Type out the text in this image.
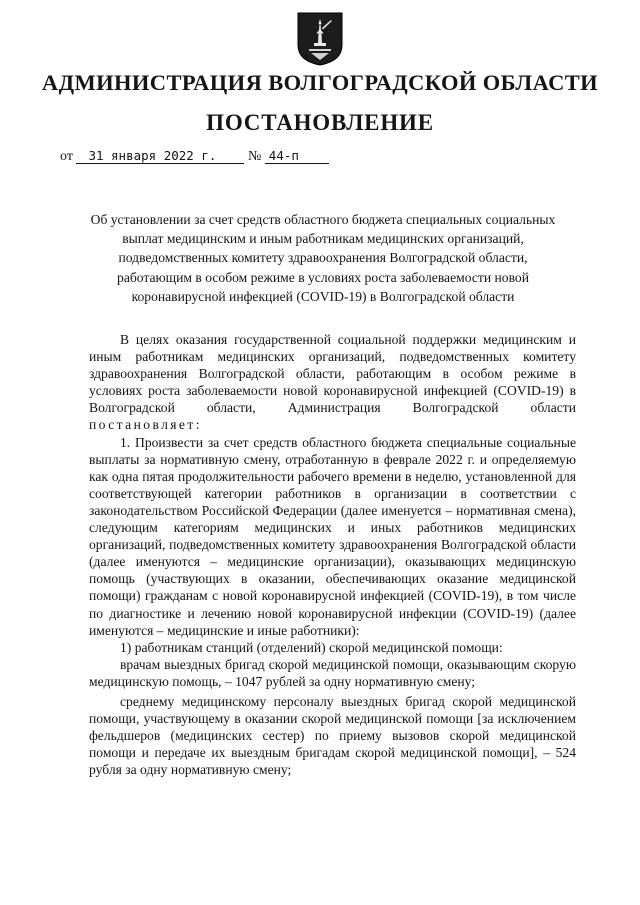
АДМИНИСТРАЦИЯ ВОЛГОГРАДСКОЙ ОБЛАСТИ
ПОСТАНОВЛЕНИЕ
от 31 января 2022 г. № 44-п
Об установлении за счет средств областного бюджета специальных социальных выплат медицинским и иным работникам медицинских организаций, подведомственных комитету здравоохранения Волгоградской области, работающим в особом режиме в условиях роста заболеваемости новой коронавирусной инфекцией (COVID-19) в Волгоградской области

В целях оказания государственной социальной поддержки медицинским и иным работникам медицинских организаций, подведомственных комитету здравоохранения Волгоградской области, работающим в особом режиме в условиях роста заболеваемости новой коронавирусной инфекцией (COVID-19) в Волгоградской области, Администрация Волгоградской области постановляет:

1. Произвести за счет средств областного бюджета специальные социальные выплаты за нормативную смену, отработанную в феврале 2022 г. и определяемую как одна пятая продолжительности рабочего времени в неделю, установленной для соответствующей категории работников в организации в соответствии с законодательством Российской Федерации (далее именуется – нормативная смена), следующим категориям медицинских и иных работников медицинских организаций, подведомственных комитету здравоохранения Волгоградской области (далее именуются – медицинские организации), оказывающих медицинскую помощь (участвующих в оказании, обеспечивающих оказание медицинской помощи) гражданам с новой коронавирусной инфекцией (COVID-19), в том числе по диагностике и лечению новой коронавирусной инфекции (COVID-19) (далее именуются – медицинские и иные работники):

1) работникам станций (отделений) скорой медицинской помощи:

врачам выездных бригад скорой медицинской помощи, оказывающим скорую медицинскую помощь, – 1047 рублей за одну нормативную смену;

среднему медицинскому персоналу выездных бригад скорой медицинской помощи, участвующему в оказании скорой медицинской помощи [за исключением фельдшеров (медицинских сестер) по приему вызовов скорой медицинской помощи и передаче их выездным бригадам скорой медицинской помощи], – 524 рубля за одну нормативную смену;
